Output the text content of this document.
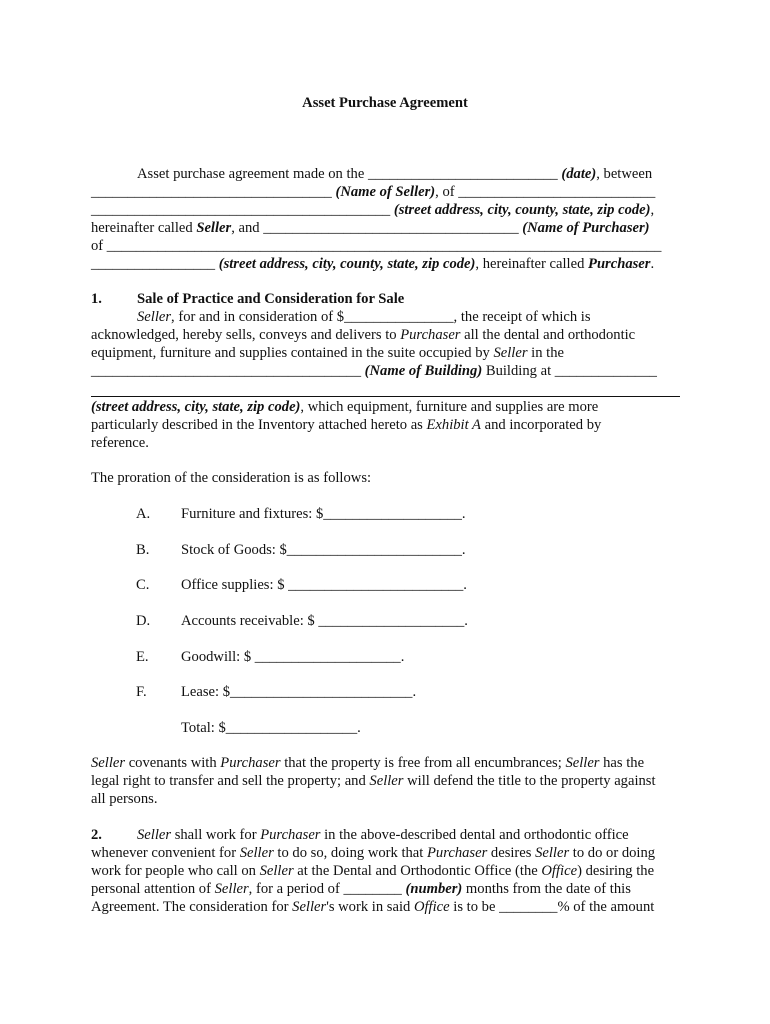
Asset Purchase Agreement
Asset purchase agreement made on the __________________________ (date), between
_________________________________ (Name of Seller), of ___________________________
_________________________________________ (street address, city, county, state, zip code),
hereinafter called Seller, and ___________________________________ (Name of Purchaser)
of ____________________________________________________________________________
_________________ (street address, city, county, state, zip code), hereinafter called Purchaser.
1. Sale of Practice and Consideration for Sale
Seller, for and in consideration of $_______________, the receipt of which is
acknowledged, hereby sells, conveys and delivers to Purchaser all the dental and orthodontic
equipment, furniture and supplies contained in the suite occupied by Seller in the
_____________________________________ (Name of Building) Building at ______________
(street address, city, state, zip code), which equipment, furniture and supplies are more
particularly described in the Inventory attached hereto as Exhibit A and incorporated by
reference.
The proration of the consideration is as follows:
A. Furniture and fixtures: $___________________.
B. Stock of Goods: $________________________.
C. Office supplies: $ ________________________.
D. Accounts receivable: $ ____________________.
E. Goodwill: $ ____________________.
F. Lease: $_________________________.
Total: $__________________.
Seller covenants with Purchaser that the property is free from all encumbrances; Seller has the
legal right to transfer and sell the property; and Seller will defend the title to the property against
all persons.
2. Seller shall work for Purchaser in the above-described dental and orthodontic office
whenever convenient for Seller to do so, doing work that Purchaser desires Seller to do or doing
work for people who call on Seller at the Dental and Orthodontic Office (the Office) desiring the
personal attention of Seller, for a period of ________ (number) months from the date of this
Agreement. The consideration for Seller's work in said Office is to be ________% of the amount
